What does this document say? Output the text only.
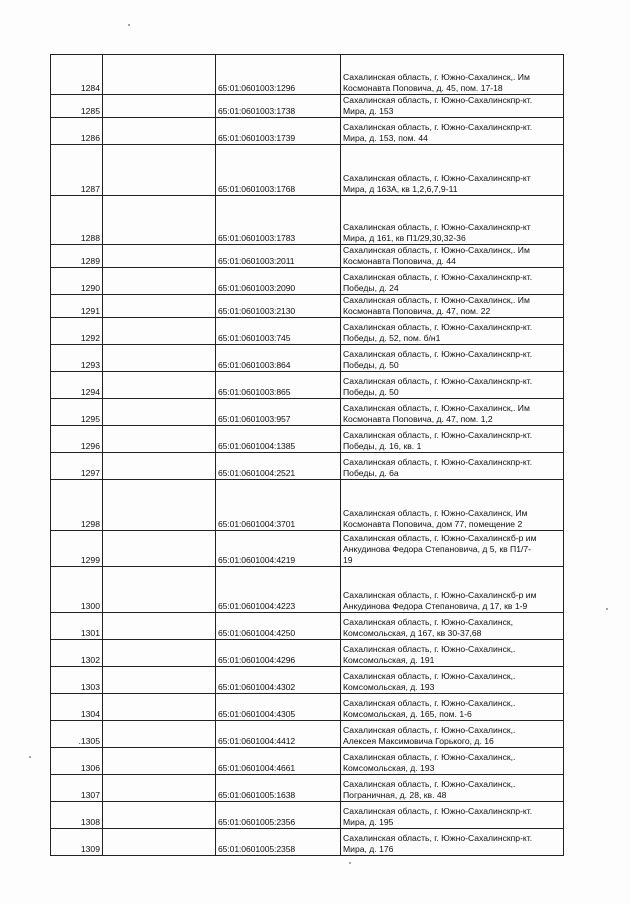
1284		65:01:0601003:1296	Сахалинская область, г. Южно-Сахалинск,. Им
Космонавта Поповича, д. 45, пом. 17-18

1285		65:01:0601003:1738	Сахалинская область, г. Южно-Сахалинскпр-кт.
Мира, д. 153

1286		65:01:0601003:1739	Сахалинская область, г. Южно-Сахалинскпр-кт.
Мира, д. 153, пом. 44

1287		65:01:0601003:1768	Сахалинская область, г. Южно-Сахалинскпр-кт
Мира, д 163А, кв 1,2,6,7,9-11

1288		65:01:0601003:1783	Сахалинская область, г. Южно-Сахалинскпр-кт
Мира, д 161, кв П1/29,30,32-36

1289		65:01:0601003:2011	Сахалинская область, г. Южно-Сахалинск,. Им
Космонавта Поповича, д. 44

1290		65:01:0601003:2090	Сахалинская область, г. Южно-Сахалинскпр-кт.
Победы, д. 24

1291		65:01:0601003:2130	Сахалинская область, г. Южно-Сахалинск,. Им
Космонавта Поповича, д. 47, пом. 22

1292		65:01:0601003:745	Сахалинская область, г. Южно-Сахалинскпр-кт.
Победы, д. 52, пом. б/н1

1293		65:01:0601003:864	Сахалинская область, г. Южно-Сахалинскпр-кт.
Победы, д. 50

1294		65:01:0601003:865	Сахалинская область, г. Южно-Сахалинскпр-кт.
Победы, д. 50

1295		65:01:0601003:957	Сахалинская область, г. Южно-Сахалинск,. Им
Космонавта Поповича, д. 47, пом. 1,2

1296		65:01:0601004:1385	Сахалинская область, г. Южно-Сахалинскпр-кт.
Победы, д. 16, кв. 1

1297		65:01:0601004:2521	Сахалинская область, г. Южно-Сахалинскпр-кт.
Победы, д. 6а

1298		65:01:0601004:3701	Сахалинская область, г. Южно-Сахалинск, Им
Космонавта Поповича, дом 77, помещение 2

1299		65:01:0601004:4219	Сахалинская область, г. Южно-Сахалинскб-р им
Анкудинова Федора Степановича, д 5, кв П1/7-
19

1300		65:01:0601004:4223	Сахалинская область, г. Южно-Сахалинскб-р им
Анкудинова Федора Степановича, д 17, кв 1-9

1301		65:01:0601004:4250	Сахалинская область, г. Южно-Сахалинск,
Комсомольская, д 167, кв 30-37,68

1302		65:01:0601004:4296	Сахалинская область, г. Южно-Сахалинск,.
Комсомольская, д. 191

1303		65:01:0601004:4302	Сахалинская область, г. Южно-Сахалинск,.
Комсомольская, д. 193

1304		65:01:0601004:4305	Сахалинская область, г. Южно-Сахалинск,.
Комсомольская, д. 165, пом. 1-6

.1305		65:01:0601004:4412	Сахалинская область, г. Южно-Сахалинск,.
Алексея Максимовича Горького, д. 16

1306		65:01:0601004:4661	Сахалинская область, г. Южно-Сахалинск,.
Комсомольская, д. 193

1307		65:01:0601005:1638	Сахалинская область, г. Южно-Сахалинск,.
Пограничная, д. 28, кв. 48

1308		65:01:0601005:2356	Сахалинская область, г. Южно-Сахалинскпр-кт.
Мира, д. 195

1309		65:01:0601005:2358	Сахалинская область, г. Южно-Сахалинскпр-кт.
Мира, д. 176
